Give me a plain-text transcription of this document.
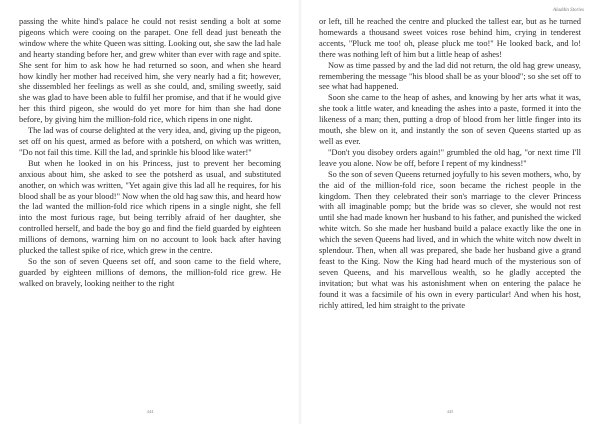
passing the white hind's palace he could not resist sending a bolt at some pigeons which were cooing on the parapet. One fell dead just beneath the window where the white Queen was sitting. Looking out, she saw the lad hale and hearty standing before her, and grew whiter than ever with rage and spite. She sent for him to ask how he had returned so soon, and when she heard how kindly her mother had received him, she very nearly had a fit; however, she dissembled her feelings as well as she could, and, smiling sweetly, said she was glad to have been able to fulfil her promise, and that if he would give her this third pigeon, she would do yet more for him than she had done before, by giving him the million-fold rice, which ripens in one night.

The lad was of course delighted at the very idea, and, giving up the pigeon, set off on his quest, armed as before with a potsherd, on which was written, "Do not fail this time. Kill the lad, and sprinkle his blood like water!"

But when he looked in on his Princess, just to prevent her becoming anxious about him, she asked to see the potsherd as usual, and substituted another, on which was written, "Yet again give this lad all he requires, for his blood shall be as your blood!" Now when the old hag saw this, and heard how the lad wanted the million-fold rice which ripens in a single night, she fell into the most furious rage, but being terribly afraid of her daughter, she controlled herself, and bade the boy go and find the field guarded by eighteen millions of demons, warning him on no account to look back after having plucked the tallest spike of rice, which grew in the centre.

So the son of seven Queens set off, and soon came to the field where, guarded by eighteen millions of demons, the million-fold rice grew. He walked on bravely, looking neither to the right

444
Aladdin Stories

or left, till he reached the centre and plucked the tallest ear, but as he turned homewards a thousand sweet voices rose behind him, crying in tenderest accents, "Pluck me too! oh, please pluck me too!" He looked back, and lo! there was nothing left of him but a little heap of ashes!

Now as time passed by and the lad did not return, the old hag grew uneasy, remembering the message "his blood shall be as your blood"; so she set off to see what had happened.

Soon she came to the heap of ashes, and knowing by her arts what it was, she took a little water, and kneading the ashes into a paste, formed it into the likeness of a man; then, putting a drop of blood from her little finger into its mouth, she blew on it, and instantly the son of seven Queens started up as well as ever.

"Don't you disobey orders again!" grumbled the old hag, "or next time I'll leave you alone. Now be off, before I repent of my kindness!"

So the son of seven Queens returned joyfully to his seven mothers, who, by the aid of the million-fold rice, soon became the richest people in the kingdom. Then they celebrated their son's marriage to the clever Princess with all imaginable pomp; but the bride was so clever, she would not rest until she had made known her husband to his father, and punished the wicked white witch. So she made her husband build a palace exactly like the one in which the seven Queens had lived, and in which the white witch now dwelt in splendour. Then, when all was prepared, she bade her husband give a grand feast to the King. Now the King had heard much of the mysterious son of seven Queens, and his marvellous wealth, so he gladly accepted the invitation; but what was his astonishment when on entering the palace he found it was a facsimile of his own in every particular! And when his host, richly attired, led him straight to the private

445
